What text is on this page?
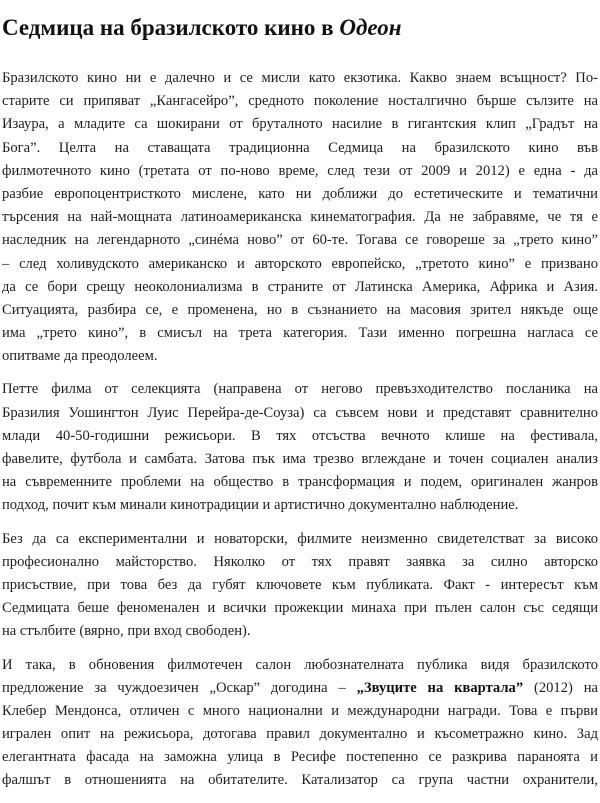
Седмица на бразилското кино в Одеон
Бразилското кино ни е далечно и се мисли като екзотика. Какво знаем всъщност? По-
старите си припяват „Кангасейро”, средното поколение носталгично бърше сълзите на
Изаура, а младите са шокирани от бруталното насилие в гигантския клип „Градът на
Бога”. Целта на ставащата традиционна Седмица на бразилското кино във
филмотечното кино (третата от по-ново време, след тези от 2009 и 2012) е една - да
разбие европоцентристкото мислене, като ни доближи до естетическите и тематични
търсения на най-мощната латиноамериканска кинематография. Да не забравяме, че тя е
наследник на легендарното „синéма ново” от 60-те. Тогава се говореше за „трето кино”
– след холивудското американско и авторското европейско, „третото кино” е призвано
да се бори срещу неоколониализма в страните от Латинска Америка, Африка и Азия.
Ситуацията, разбира се, е променена, но в съзнанието на масовия зрител някъде още
има „трето кино”, в смисъл на трета категория. Тази именно погрешна нагласа се
опитваме да преодолеем.
Петте филма от селекцията (направена от негово превъзходителство посланика на
Бразилия Уошингтон Луис Перейра-де-Соуза) са съвсем нови и представят сравнително
млади 40-50-годишни режисьори. В тях отсъства вечното клише на фестивала,
фавелите, футбола и самбата. Затова пък има трезво вглеждане и точен социален анализ
на съвременните проблеми на общество в трансформация и подем, оригинален жанров
подход, почит към минали кинотрадиции и артистично документално наблюдение.
Без да са експериментални и новаторски, филмите неизменно свидетелстват за високо
професионално майсторство. Няколко от тях правят заявка за силно авторско
присъствие, при това без да губят ключовете към публиката. Факт - интересът към
Седмицата беше феноменален и всички прожекции минаха при пълен салон със седящи
на стълбите (вярно, при вход свободен).
И така, в обновения филмотечен салон любознателната публика видя бразилското
предложение за чуждоезичен „Оскар” догодина – „Звуците на квартала” (2012) на
Клебер Мендонса, отличен с много национални и международни награди. Това е първи
игрален опит на режисьора, дотогава правил документално и късометражно кино. Зад
елегантната фасада на заможна улица в Ресифе постепенно се разкрива параноята и
фалшът в отношенията на обитателите. Катализатор са група частни охранители,
